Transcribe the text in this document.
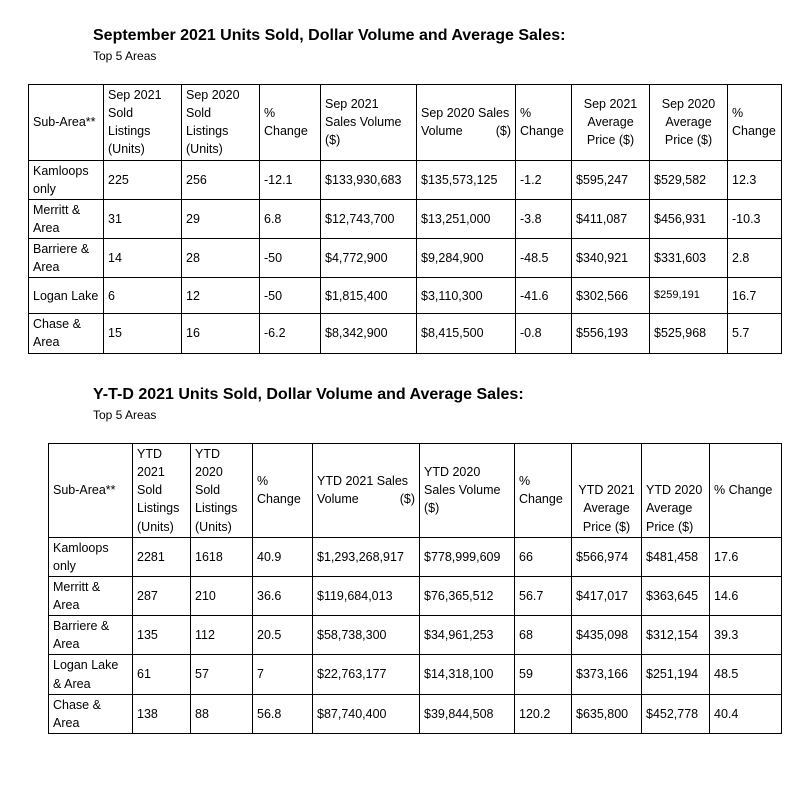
September 2021 Units Sold, Dollar Volume and Average Sales:
Top 5 Areas
Sub-Area**	Sep 2021 Sold Listings (Units)	Sep 2020 Sold Listings (Units)	% Change	Sep 2021 Sales Volume ($)	Sep 2020 Sales Volume ($)	% Change	Sep 2021 Average Price ($)	Sep 2020 Average Price ($)	% Change
Kamloops only	225	256	-12.1	$133,930,683	$135,573,125	-1.2	$595,247	$529,582	12.3
Merritt & Area	31	29	6.8	$12,743,700	$13,251,000	-3.8	$411,087	$456,931	-10.3
Barriere & Area	14	28	-50	$4,772,900	$9,284,900	-48.5	$340,921	$331,603	2.8
Logan Lake	6	12	-50	$1,815,400	$3,110,300	-41.6	$302,566	$259,191	16.7
Chase & Area	15	16	-6.2	$8,342,900	$8,415,500	-0.8	$556,193	$525,968	5.7
Y-T-D 2021 Units Sold, Dollar Volume and Average Sales:
Top 5 Areas
Sub-Area**	YTD 2021 Sold Listings (Units)	YTD 2020 Sold Listings (Units)	% Change	YTD 2021 Sales Volume ($)	YTD 2020 Sales Volume ($)	% Change	YTD 2021 Average Price ($)	YTD 2020 Average Price ($)	% Change
Kamloops only	2281	1618	40.9	$1,293,268,917	$778,999,609	66	$566,974	$481,458	17.6
Merritt & Area	287	210	36.6	$119,684,013	$76,365,512	56.7	$417,017	$363,645	14.6
Barriere & Area	135	112	20.5	$58,738,300	$34,961,253	68	$435,098	$312,154	39.3
Logan Lake & Area	61	57	7	$22,763,177	$14,318,100	59	$373,166	$251,194	48.5
Chase & Area	138	88	56.8	$87,740,400	$39,844,508	120.2	$635,800	$452,778	40.4
